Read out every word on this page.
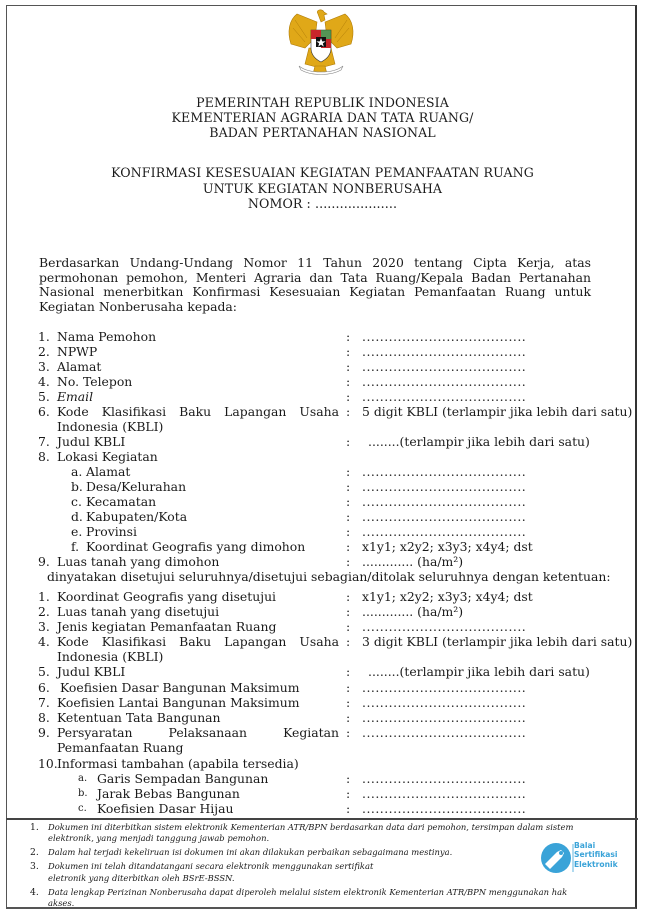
PEMERINTAH REPUBLIK INDONESIA
KEMENTERIAN AGRARIA DAN TATA RUANG/
BADAN PERTANAHAN NASIONAL
KONFIRMASI KESESUAIAN KEGIATAN PEMANFAATAN RUANG
UNTUK KEGIATAN NONBERUSAHA
NOMOR : ....................
Berdasarkan Undang-Undang Nomor 11 Tahun 2020 tentang Cipta Kerja, atas permohonan pemohon, Menteri Agraria dan Tata Ruang/Kepala Badan Pertanahan Nasional menerbitkan Konfirmasi Kesesuaian Kegiatan Pemanfaatan Ruang untuk Kegiatan Nonberusaha kepada:
1. Nama Pemohon	: .....................................
2. NPWP	: .....................................
3. Alamat	: .....................................
4. No. Telepon	: .....................................
5. Email	: .....................................
6. Kode Klasifikasi Baku Lapangan Usaha : 5 digit KBLI (terlampir jika lebih dari satu)
Indonesia (KBLI)
7. Judul KBLI	: ........(terlampir jika lebih dari satu)
8. Lokasi Kegiatan
a. Alamat	: .....................................
b. Desa/Kelurahan	: .....................................
c. Kecamatan	: .....................................
d. Kabupaten/Kota	: .....................................
e. Provinsi	: .....................................
f. Koordinat Geografis yang dimohon	: x1y1; x2y2; x3y3; x4y4; dst
9. Luas tanah yang dimohon	: ............. (ha/m²)
dinyatakan disetujui seluruhnya/disetujui sebagian/ditolak seluruhnya dengan ketentuan:
1. Koordinat Geografis yang disetujui	: x1y1; x2y2; x3y3; x4y4; dst
2. Luas tanah yang disetujui	: ............. (ha/m²)
3. Jenis kegiatan Pemanfaatan Ruang	: .....................................
4. Kode Klasifikasi Baku Lapangan Usaha : 3 digit KBLI (terlampir jika lebih dari satu)
Indonesia (KBLI)
5. Judul KBLI	: ........(terlampir jika lebih dari satu)
6. Koefisien Dasar Bangunan Maksimum	: .....................................
7. Koefisien Lantai Bangunan Maksimum	: .....................................
8. Ketentuan Tata Bangunan	: .....................................
9. Persyaratan	Pelaksanaan	Kegiatan : .....................................
Pemanfaatan Ruang
10. Informasi tambahan (apabila tersedia)
a. Garis Sempadan Bangunan	: .....................................
b. Jarak Bebas Bangunan	: .....................................
c. Koefisien Dasar Hijau	: .....................................
1. Dokumen ini diterbitkan sistem elektronik Kementerian ATR/BPN berdasarkan data dari pemohon, tersimpan dalam sistem elektronik, yang menjadi tanggung jawab pemohon.
2. Dalam hal terjadi kekeliruan isi dokumen ini akan dilakukan perbaikan sebagaimana mestinya.
3. Dokumen ini telah ditandatangani secara elektronik menggunakan sertifikat eletronik yang diterbitkan oleh BSrE-BSSN.
4. Data lengkap Perizinan Nonberusaha dapat diperoleh melalui sistem elektronik Kementerian ATR/BPN menggunakan hak akses.
Balai
Sertifikasi
Elektronik
